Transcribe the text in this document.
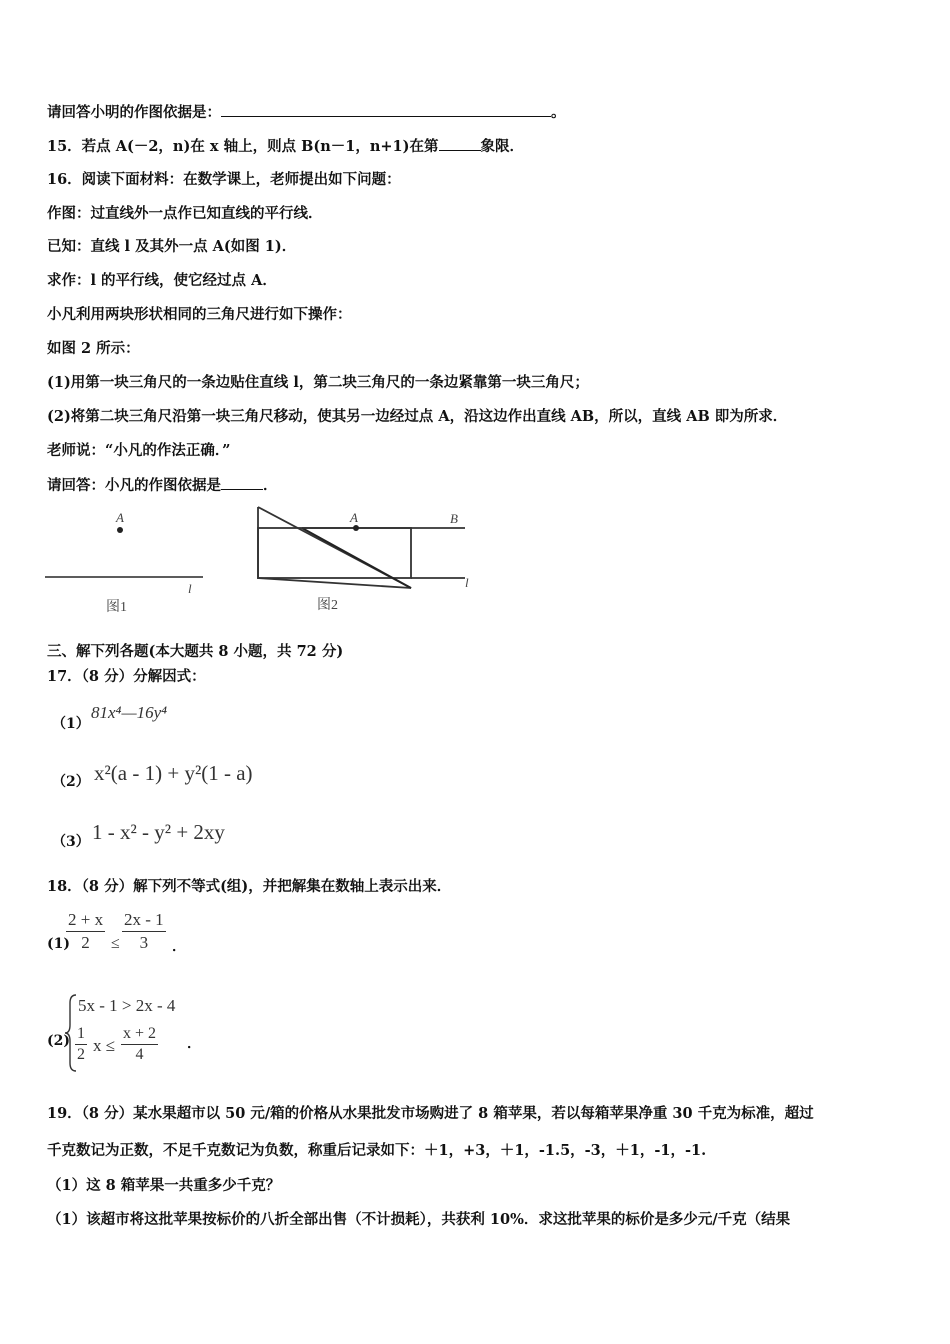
请回答小明的作图依据是：	。
15．若点 A(－2，n)在 x 轴上，则点 B(n－1，n+1)在第	象限．
16．阅读下面材料：在数学课上，老师提出如下问题：
作图：过直线外一点作已知直线的平行线．
已知：直线 l 及其外一点 A(如图 1)．
求作：l 的平行线，使它经过点 A．
小凡利用两块形状相同的三角尺进行如下操作：
如图 2 所示：
(1)用第一块三角尺的一条边贴住直线 l，第二块三角尺的一条边紧靠第一块三角尺；
(2)将第二块三角尺沿第一块三角尺移动，使其另一边经过点 A，沿这边作出直线 AB，所以，直线 AB 即为所求．
老师说：“小凡的作法正确．”
请回答：小凡的作图依据是	．
A
l
图1
A	B
l
图2
三、解下列各题(本大题共 8 小题，共 72 分)
17．（8 分）分解因式：
（1）
81x⁴—16y⁴
（2） x²(a - 1) + y²(1 - a)
（3） 1 - x² - y² + 2xy
18．（8 分）解下列不等式(组)，并把解集在数轴上表示出来．
(1)
$\frac{2 + x}{2} \le \frac{2x - 1}{3}$ ．
(2)
5x - 1 > 2x - 4
$\frac{1}{2}$ $x \le \frac{x + 2}{4}$ ．
19．（8 分）某水果超市以 50 元/箱的价格从水果批发市场购进了 8 箱苹果，若以每箱苹果净重 30 千克为标准，超过
千克数记为正数，不足千克数记为负数，称重后记录如下：＋1，+3，＋1，-1.5，-3，＋1，-1，-1.
（1）这 8 箱苹果一共重多少千克？
（1）该超市将这批苹果按标价的八折全部出售（不计损耗），共获利 10%．求这批苹果的标价是多少元/千克（结果
